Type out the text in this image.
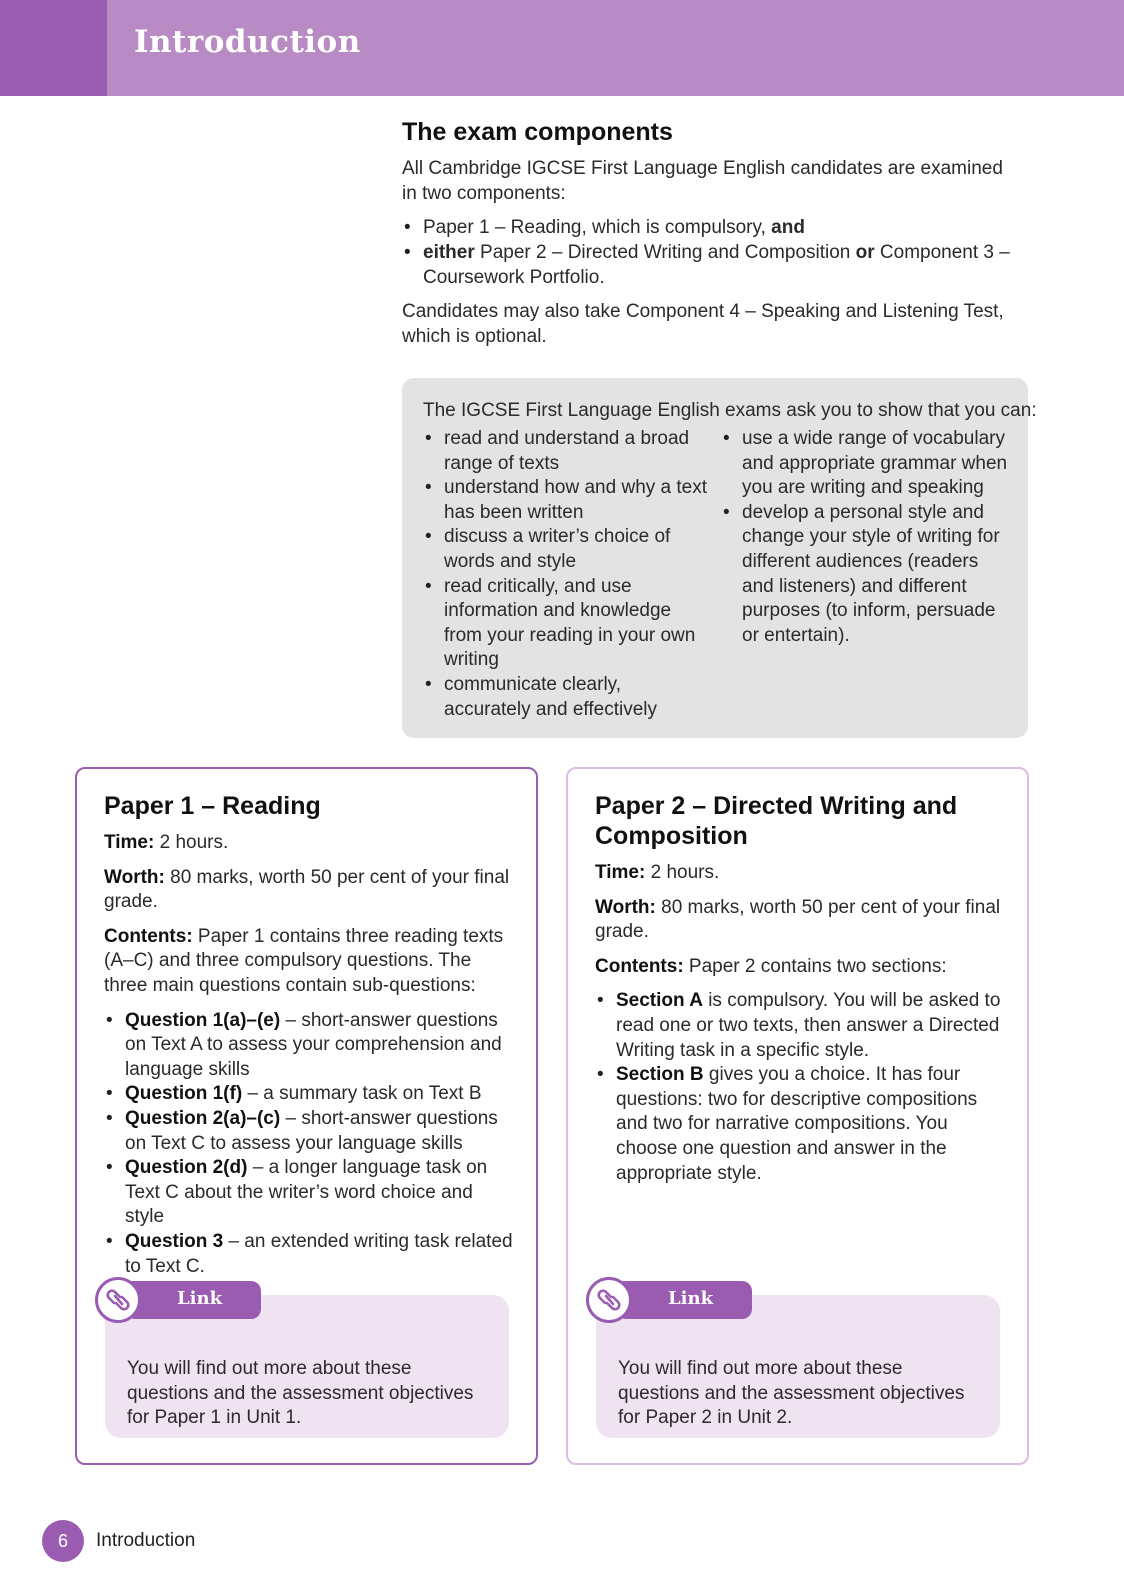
Introduction
The exam components

All Cambridge IGCSE First Language English candidates are examined in two components:

• Paper 1 – Reading, which is compulsory, and
• either Paper 2 – Directed Writing and Composition or Component 3 – Coursework Portfolio.

Candidates may also take Component 4 – Speaking and Listening Test, which is optional.

The IGCSE First Language English exams ask you to show that you can:
• read and understand a broad range of texts
• understand how and why a text has been written
• discuss a writer’s choice of words and style
• read critically, and use information and knowledge from your reading in your own writing
• communicate clearly, accurately and effectively
• use a wide range of vocabulary and appropriate grammar when you are writing and speaking
• develop a personal style and change your style of writing for different audiences (readers and listeners) and different purposes (to inform, persuade or entertain).
Paper 1 – Reading

Time: 2 hours.

Worth: 80 marks, worth 50 per cent of your final grade.

Contents: Paper 1 contains three reading texts (A–C) and three compulsory questions. The three main questions contain sub-questions:

• Question 1(a)–(e) – short-answer questions on Text A to assess your comprehension and language skills
• Question 1(f) – a summary task on Text B
• Question 2(a)–(c) – short-answer questions on Text C to assess your language skills
• Question 2(d) – a longer language task on Text C about the writer’s word choice and style
• Question 3 – an extended writing task related to Text C.
Link

You will find out more about these questions and the assessment objectives for Paper 1 in Unit 1.

Paper 2 – Directed Writing and Composition

Time: 2 hours.

Worth: 80 marks, worth 50 per cent of your final grade.

Contents: Paper 2 contains two sections:

• Section A is compulsory. You will be asked to read one or two texts, then answer a Directed Writing task in a specific style.
• Section B gives you a choice. It has four questions: two for descriptive compositions and two for narrative compositions. You choose one question and answer in the appropriate style.
Link

You will find out more about these questions and the assessment objectives for Paper 2 in Unit 2.

6	Introduction
